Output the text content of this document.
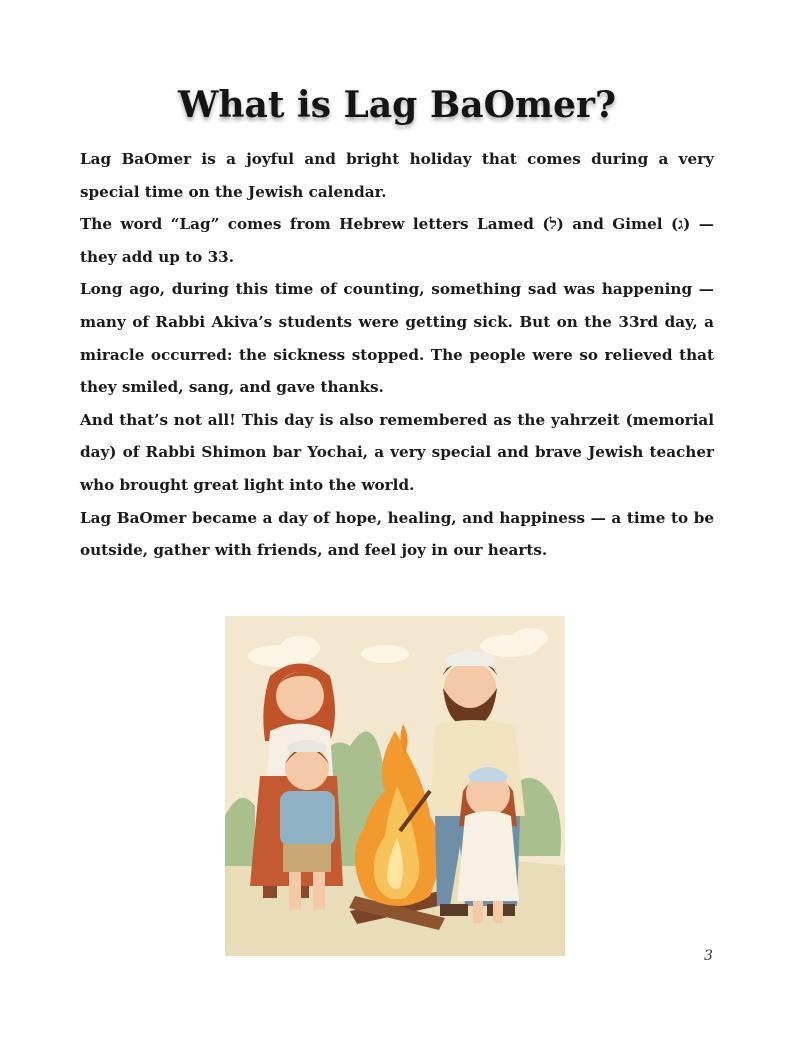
What is Lag BaOmer?

Lag BaOmer is a joyful and bright holiday that comes during a very special time on the Jewish calendar.

The word “Lag” comes from Hebrew letters Lamed (ל) and Gimel (ג) — they add up to 33.

Long ago, during this time of counting, something sad was happening — many of Rabbi Akiva’s students were getting sick. But on the 33rd day, a miracle occurred: the sickness stopped. The people were so relieved that they smiled, sang, and gave thanks.

And that’s not all! This day is also remembered as the yahrzeit (memorial day) of Rabbi Shimon bar Yochai, a very special and brave Jewish teacher who brought great light into the world.

Lag BaOmer became a day of hope, healing, and happiness — a time to be outside, gather with friends, and feel joy in our hearts.

3
